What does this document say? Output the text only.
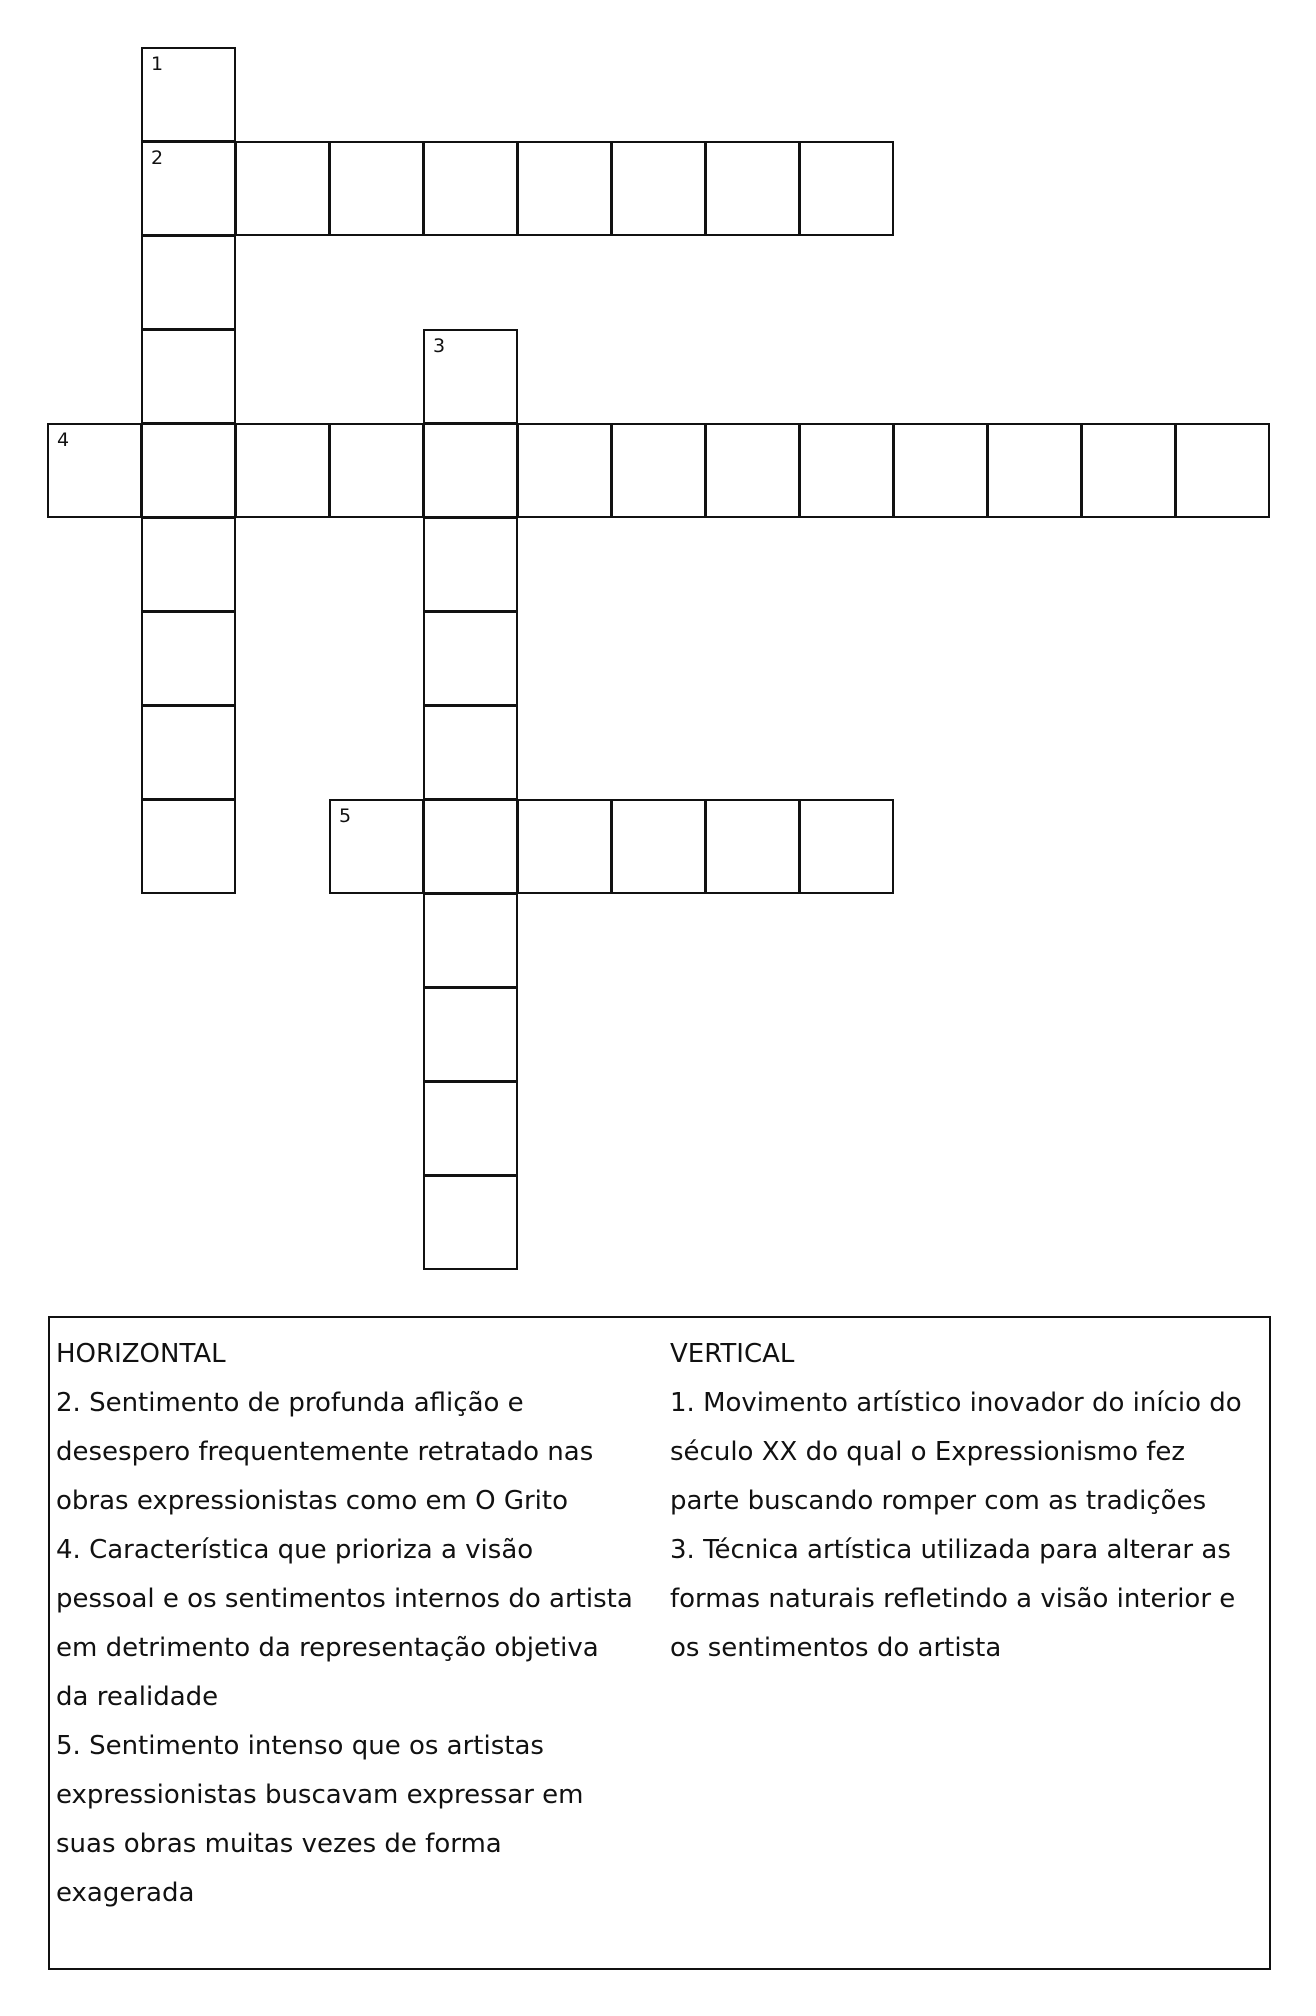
1
2
3
4
5
HORIZONTAL
2. Sentimento de profunda aflição e
desespero frequentemente retratado nas
obras expressionistas como em O Grito
4. Característica que prioriza a visão
pessoal e os sentimentos internos do artista
em detrimento da representação objetiva
da realidade
5. Sentimento intenso que os artistas
expressionistas buscavam expressar em
suas obras muitas vezes de forma
exagerada
VERTICAL
1. Movimento artístico inovador do início do
século XX do qual o Expressionismo fez
parte buscando romper com as tradições
3. Técnica artística utilizada para alterar as
formas naturais refletindo a visão interior e
os sentimentos do artista
